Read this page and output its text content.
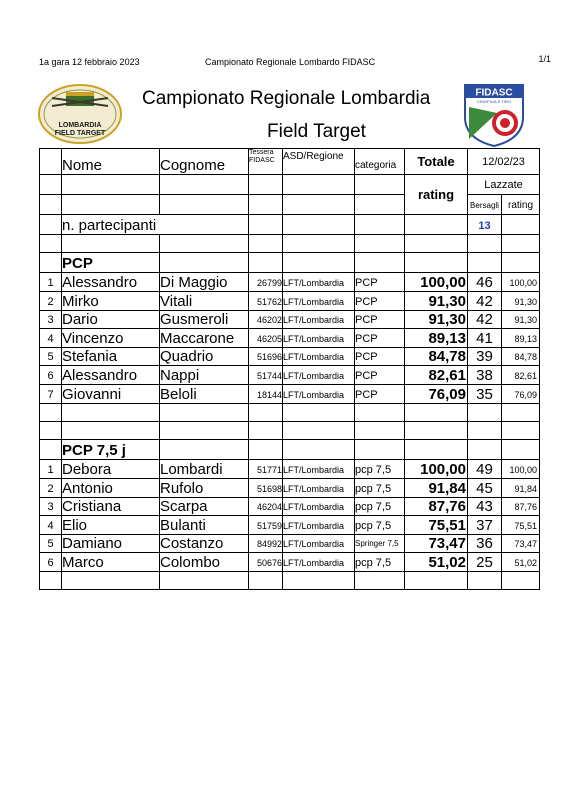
1a gara 12 febbraio 2023	Campionato Regionale Lombardo FIDASC	1/1
LOMBARDIA
FIELD TARGET
Campionato Regionale Lombardia
Field Target
FIDASC
CINOFILIA E TIRO
	Nome	Cognome	Tessera FIDASC	ASD/Regione	categoria	Totale	12/02/23	
						rating	Lazzate	
							Bersagli	rating
	n. partecipanti						13	

	PCP							
1	Alessandro	Di Maggio	26799	LFT/Lombardia	PCP	100,00	46	100,00
2	Mirko	Vitali	51762	LFT/Lombardia	PCP	91,30	42	91,30
3	Dario	Gusmeroli	46202	LFT/Lombardia	PCP	91,30	42	91,30
4	Vincenzo	Maccarone	46205	LFT/Lombardia	PCP	89,13	41	89,13
5	Stefania	Quadrio	51696	LFT/Lombardia	PCP	84,78	39	84,78
6	Alessandro	Nappi	51744	LFT/Lombardia	PCP	82,61	38	82,61
7	Giovanni	Beloli	18144	LFT/Lombardia	PCP	76,09	35	76,09

	PCP 7,5 j							
1	Debora	Lombardi	51771	LFT/Lombardia	pcp 7,5	100,00	49	100,00
2	Antonio	Rufolo	51698	LFT/Lombardia	pcp 7,5	91,84	45	91,84
3	Cristiana	Scarpa	46204	LFT/Lombardia	pcp 7,5	87,76	43	87,76
4	Elio	Bulanti	51759	LFT/Lombardia	pcp 7,5	75,51	37	75,51
5	Damiano	Costanzo	84992	LFT/Lombardia	Springer 7,5	73,47	36	73,47
6	Marco	Colombo	50676	LFT/Lombardia	pcp 7,5	51,02	25	51,02
